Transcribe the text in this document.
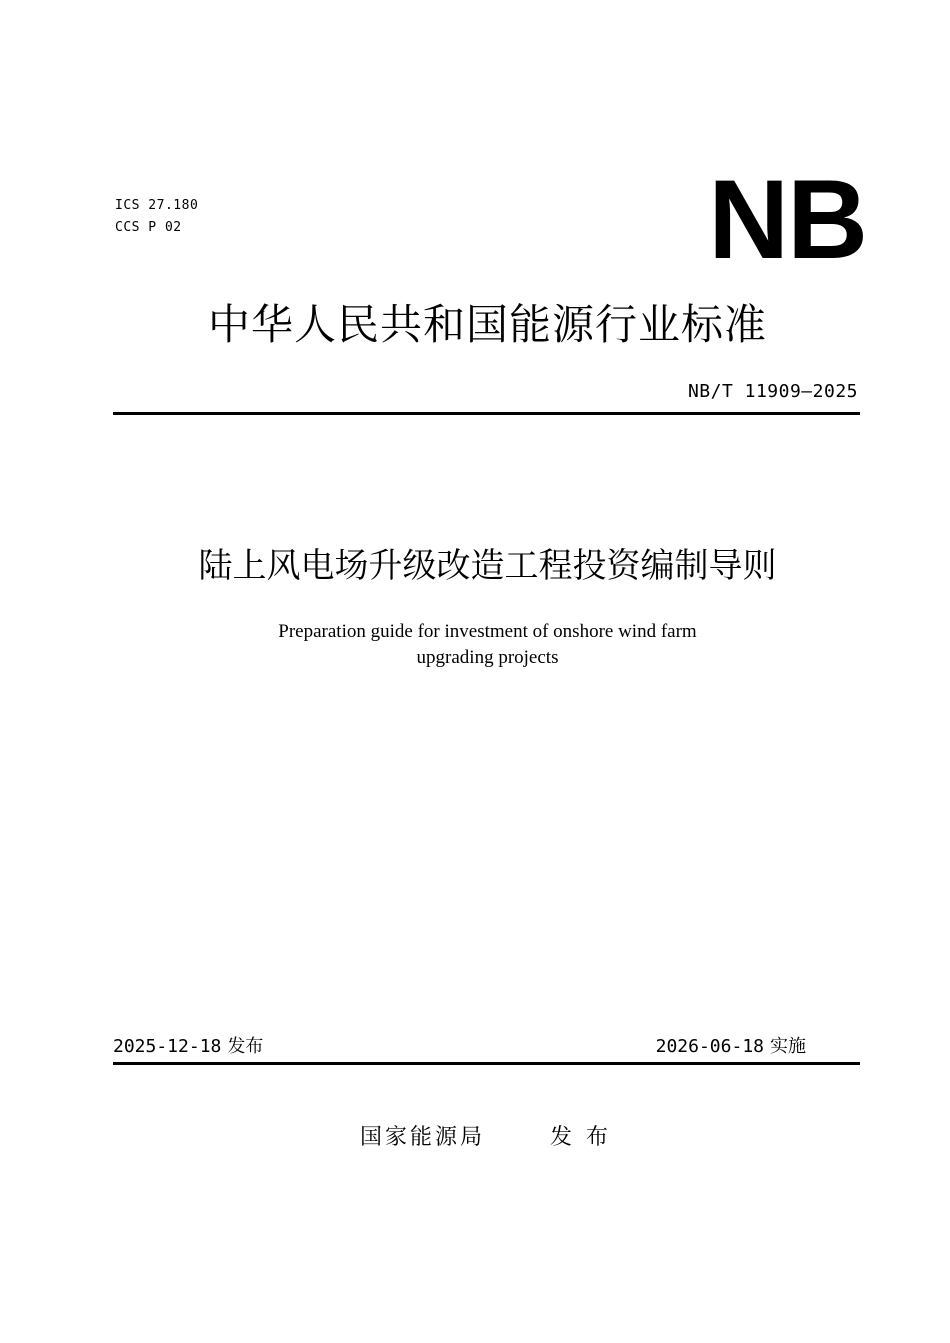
ICS 27.180
CCS P 02	NB
中华人民共和国能源行业标准
NB/T 11909—2025
陆上风电场升级改造工程投资编制导则
Preparation guide for investment of onshore wind farm
upgrading projects
2025-12-18 发布	2026-06-18 实施
国家能源局	发布
